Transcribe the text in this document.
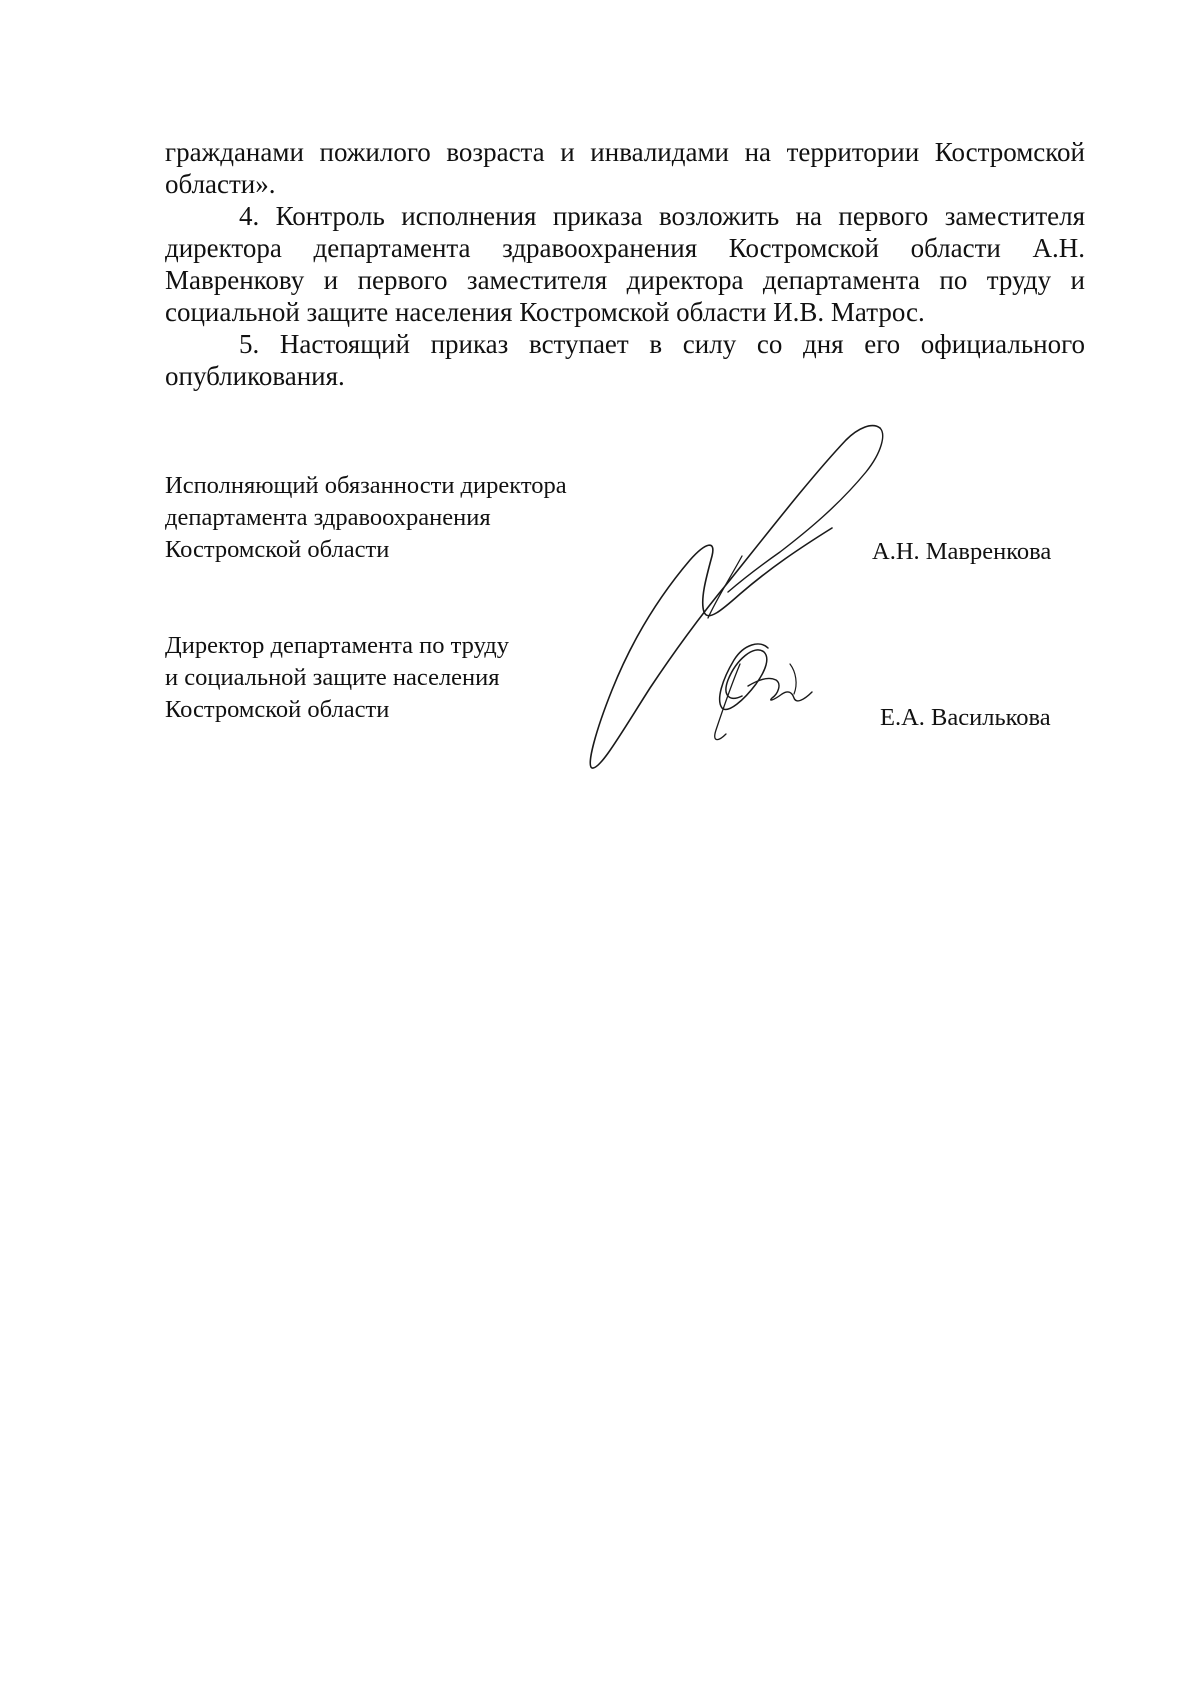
гражданами пожилого возраста и инвалидами на территории Костромской области».

4. Контроль исполнения приказа возложить на первого заместителя директора департамента здравоохранения Костромской области А.Н. Мавренкову и первого заместителя директора департамента по труду и социальной защите населения Костромской области И.В. Матрос.

5. Настоящий приказ вступает в силу со дня его официального опубликования.

Исполняющий обязанности директора
департамента здравоохранения
Костромской области	А.Н. Мавренкова
Директор департамента по труду
и социальной защите населения
Костромской области	Е.А. Василькова
